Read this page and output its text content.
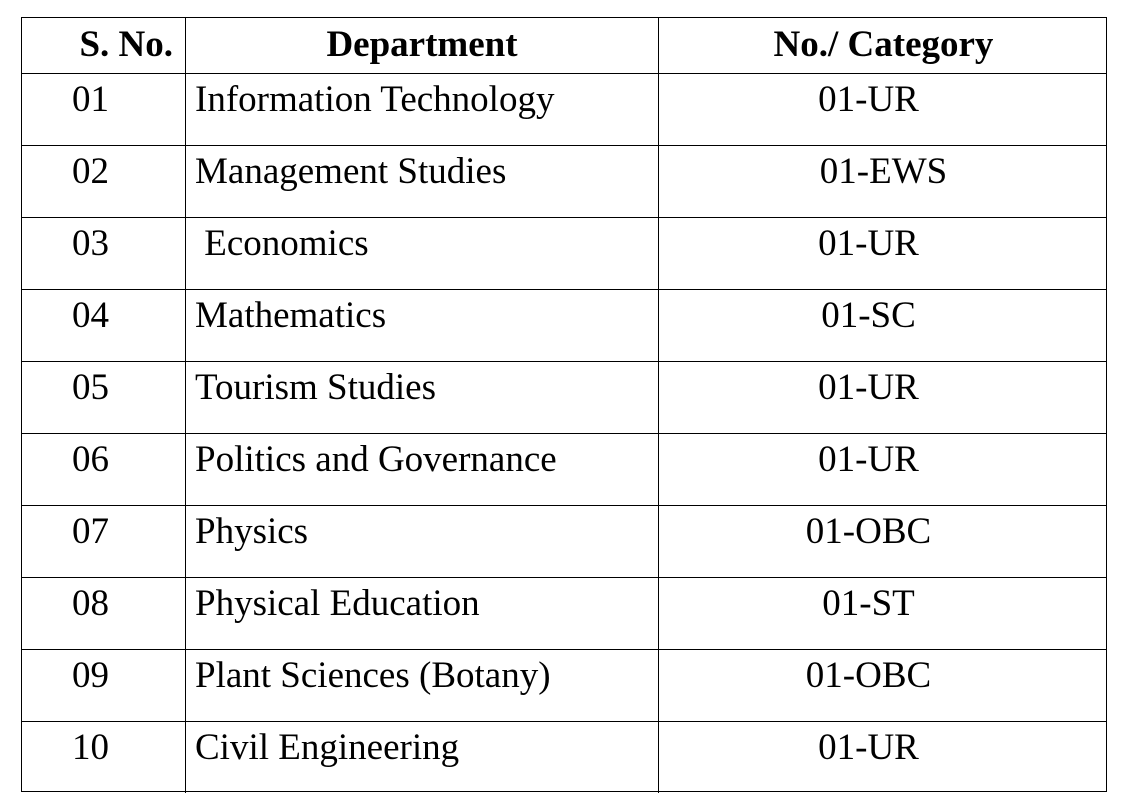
S. No.	Department	No./ Category
01	Information Technology	01-UR
02	Management Studies	01-EWS
03	Economics	01-UR
04	Mathematics	01-SC
05	Tourism Studies	01-UR
06	Politics and Governance	01-UR
07	Physics	01-OBC
08	Physical Education	01-ST
09	Plant Sciences (Botany)	01-OBC
10	Civil Engineering	01-UR
